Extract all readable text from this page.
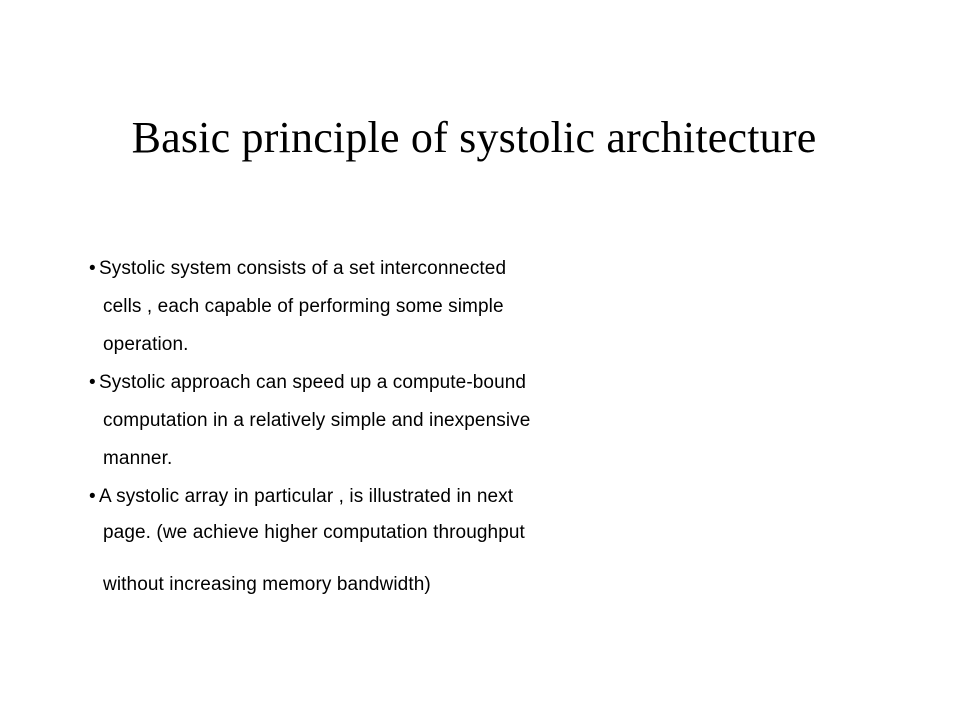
Basic principle of systolic architecture
• Systolic system consists of a set interconnected
cells , each capable of performing some simple
operation.
• Systolic approach can speed up a compute-bound
computation in a relatively simple and inexpensive
manner.
• A systolic array in particular , is illustrated in next
page. (we achieve higher computation throughput
without increasing memory bandwidth)
